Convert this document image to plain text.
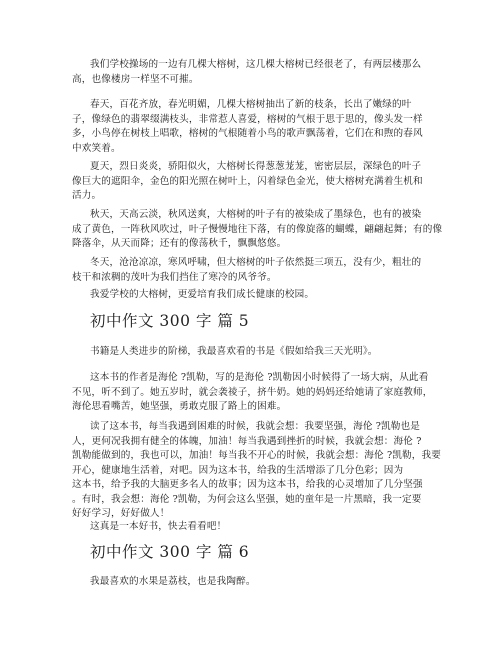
我们学校操场的一边有几棵大榕树，这几棵大榕树已经很老了，有两层楼那么
高，也像楼房一样坚不可摧。
春天，百花齐放，春光明媚，几棵大榕树抽出了新的枝条，长出了嫩绿的叶
子，像绿色的翡翠缀满枝头，非常惹人喜爱，榕树的气根于思于思的，像头发一样
多，小鸟停在树枝上唱歌，榕树的气根随着小鸟的歌声飘荡着，它们在和煦的春风
中欢笑着。
夏天，烈日炎炎，骄阳似火，大榕树长得葱葱茏茏，密密层层，深绿色的叶子
像巨大的遮阳伞，金色的阳光照在树叶上，闪着绿色金光，使大榕树充满着生机和
活力。
秋天，天高云淡，秋风送爽，大榕树的叶子有的被染成了墨绿色，也有的被染
成了黄色，一阵秋风吹过，叶子慢慢地往下落，有的像旋落的蝴蝶，翩翩起舞；有的像
降落伞，从天而降；还有的像荡秋千，飘飘悠悠。
冬天，沧沧凉凉，寒风呼啸，但大榕树的叶子依然挺三项五，没有少，粗壮的
枝干和浓稠的茂叶为我们挡住了寒冷的风爷爷。
我爱学校的大榕树，更爱培育我们成长健康的校园。
初中作文 300 字 篇 5
书籍是人类进步的阶梯，我最喜欢看的书是《假如给我三天光明》。
这本书的作者是海伦 ?凯勒，写的是海伦 ?凯勒因小时候得了一场大病，从此看
不见，听不到了。她五岁时，就会袭祾子，挤牛奶。她的妈妈还给她请了家庭教师，
海伦思看嘴苦，她坚强，勇敢克服了路上的困难。
读了这本书，每当我遇到困难的时候，我就会想：我要坚强，海伦 ?凯勒也是
人，更何况我拥有健全的体魄，加油！每当我遇到挫折的时候，我就会想：海伦 ?
凯勒能做到的，我也可以，加油！每当我不开心的时候，我就会想：海伦 ?凯勒，我要
开心，健康地生活着，对吧。因为这本书，给我的生活增添了几分色彩；因为
这本书，给予我的大脑更多名人的故事；因为这本书，给我的心灵增加了几分坚强
。有时，我会想：海伦 ?凯勒，为何会这么坚强，她的童年是一片黑暗，我一定要
好好学习，好好做人！
这真是一本好书，快去看看吧！
初中作文 300 字 篇 6
我最喜欢的水果是荔枝，也是我陶醉。
